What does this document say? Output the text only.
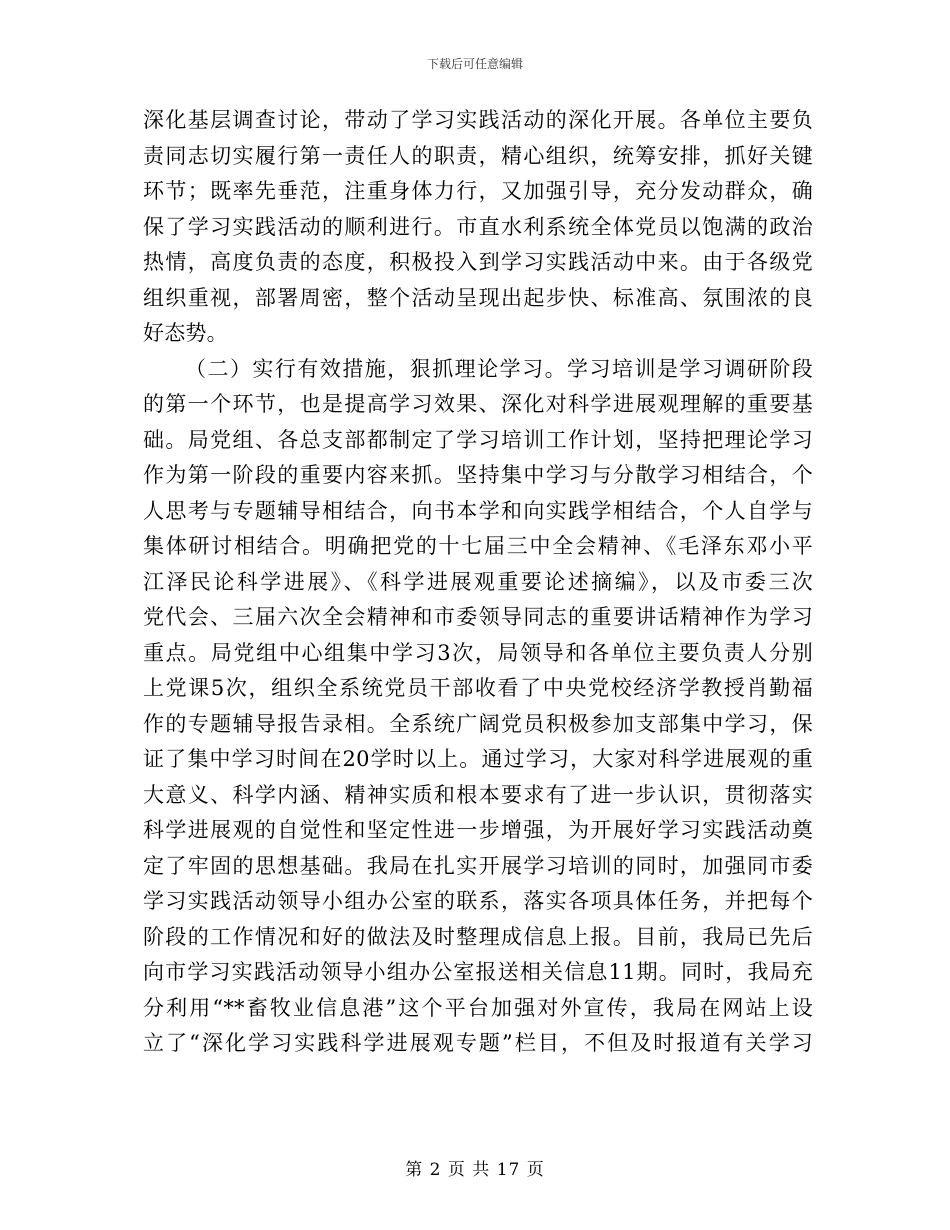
下载后可任意编辑
深化基层调查讨论，带动了学习实践活动的深化开展。各单位主要负
责同志切实履行第一责任人的职责，精心组织，统筹安排，抓好关键
环节；既率先垂范，注重身体力行，又加强引导，充分发动群众，确
保了学习实践活动的顺利进行。市直水利系统全体党员以饱满的政治
热情，高度负责的态度，积极投入到学习实践活动中来。由于各级党
组织重视，部署周密，整个活动呈现出起步快、标准高、氛围浓的良
好态势。
（二）实行有效措施，狠抓理论学习。学习培训是学习调研阶段
的第一个环节，也是提高学习效果、深化对科学进展观理解的重要基
础。局党组、各总支部都制定了学习培训工作计划，坚持把理论学习
作为第一阶段的重要内容来抓。坚持集中学习与分散学习相结合，个
人思考与专题辅导相结合，向书本学和向实践学相结合，个人自学与
集体研讨相结合。明确把党的十七届三中全会精神、《毛泽东邓小平
江泽民论科学进展》、《科学进展观重要论述摘编》，以及市委三次
党代会、三届六次全会精神和市委领导同志的重要讲话精神作为学习
重点。局党组中心组集中学习3次，局领导和各单位主要负责人分别
上党课5次，组织全系统党员干部收看了中央党校经济学教授肖勤福
作的专题辅导报告录相。全系统广阔党员积极参加支部集中学习，保
证了集中学习时间在20学时以上。通过学习，大家对科学进展观的重
大意义、科学内涵、精神实质和根本要求有了进一步认识，贯彻落实
科学进展观的自觉性和坚定性进一步增强，为开展好学习实践活动奠
定了牢固的思想基础。我局在扎实开展学习培训的同时，加强同市委
学习实践活动领导小组办公室的联系，落实各项具体任务，并把每个
阶段的工作情况和好的做法及时整理成信息上报。目前，我局已先后
向市学习实践活动领导小组办公室报送相关信息11期。同时，我局充
分利用“**畜牧业信息港”这个平台加强对外宣传，我局在网站上设
立了“深化学习实践科学进展观专题”栏目，不但及时报道有关学习
第 2 页 共 17 页
